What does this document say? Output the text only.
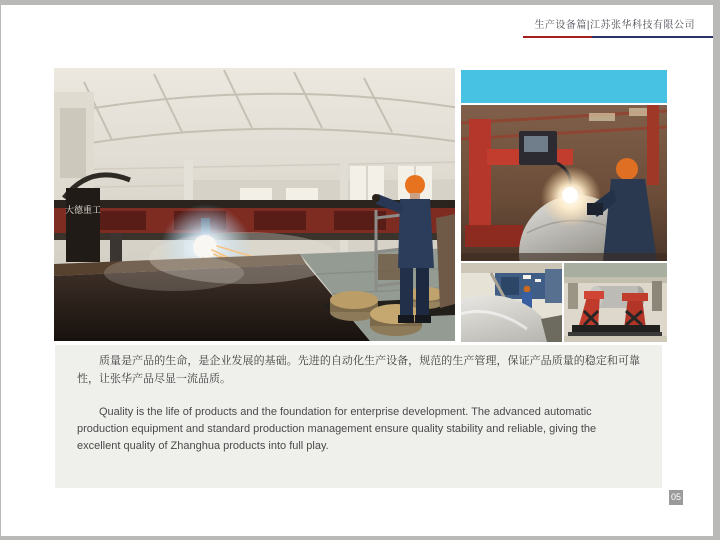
生产设备篇|江苏张华科技有限公司
大德重工

质量是产品的生命，是企业发展的基础。先进的自动化生产设备，规范的生产管理，保证产品质量的稳定和可靠性，让张华产品尽显一流品质。

Quality is the life of products and the foundation for enterprise development. The advanced automatic production equipment and standard production management ensure quality stability and reliable, giving the excellent quality of Zhanghua products into full play.

05
